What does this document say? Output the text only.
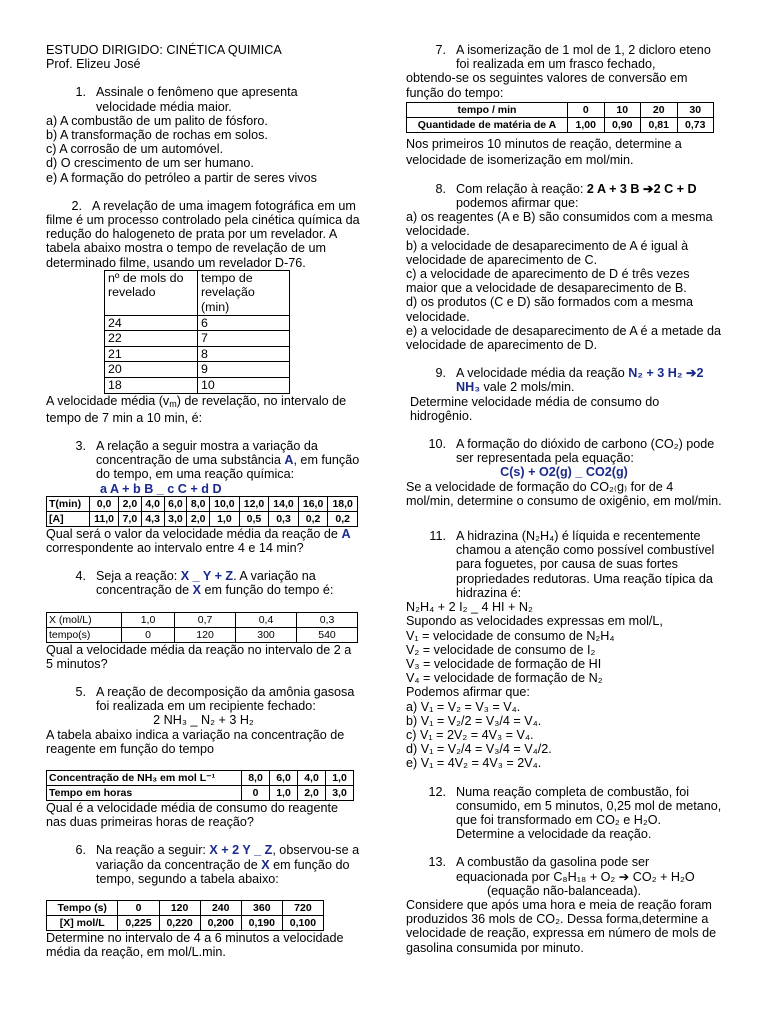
ESTUDO DIRIGIDO: CINÉTICA QUIMICA

Prof. Elizeu José

1. Assinale o fenômeno que apresenta velocidade média maior.

a) A combustão de um palito de fósforo.

b) A transformação de rochas em solos.

c) A corrosão de um automóvel.

d) O crescimento de um ser humano.

e) A formação do petróleo a partir de seres vivos

2. A revelação de uma imagem fotográfica em um filme é um processo controlado pela cinética química da redução do halogeneto de prata por um revelador. A tabela abaixo mostra o tempo de revelação de um determinado filme, usando um revelador D-76.

nº de mols do revelado	tempo de revelação (min)
24	6
22	7
21	8
20	9
18	10

A velocidade média $(v_m)$ de revelação, no intervalo de tempo de 7 min a 10 min, é:

3. A relação a seguir mostra a variação da concentração de uma substância A, em função do tempo, em uma reação química:

a A + b B _ c C + d D

T(min)	0,0	2,0	4,0	6,0	8,0	10,0	12,0	14,0	16,0	18,0
[A]	11,0	7,0	4,3	3,0	2,0	1,0	0,5	0,3	0,2	0,2

Qual será o valor da velocidade média da reação de A correspondente ao intervalo entre 4 e 14 min?

4. Seja a reação: X _ Y + Z. A variação na concentração de X em função do tempo é:
X (mol/L)	1,0	0,7	0,4	0,3
tempo(s)	0	120	300	540

Qual a velocidade média da reação no intervalo de 2 a 5 minutos?

5. A reação de decomposição da amônia gasosa foi realizada em um recipiente fechado:

2 NH₃ _ N₂ + 3 H₂

A tabela abaixo indica a variação na concentração de reagente em função do tempo

Concentração de NH₃ em mol L⁻¹	8,0	6,0	4,0	1,0
Tempo em horas	0	1,0	2,0	3,0

Qual é a velocidade média de consumo do reagente nas duas primeiras horas de reação?

6. Na reação a seguir: X + 2 Y _ Z, observou-se a variação da concentração de X em função do tempo, segundo a tabela abaixo:
Tempo (s)	0	120	240	360	720
[X] mol/L	0,225	0,220	0,200	0,190	0,100

Determine no intervalo de 4 a 6 minutos a velocidade média da reação, em mol/L.min.

7. A isomerização de 1 mol de 1, 2 dicloro eteno foi realizada em um frasco fechado,

obtendo-se os seguintes valores de conversão em função do tempo:

tempo / min	0	10	20	30
Quantidade de matéria de A	1,00	0,90	0,81	0,73

Nos primeiros 10 minutos de reação, determine a velocidade de isomerização em mol/min.

8. Com relação à reação: 2 A + 3 B ➔2 C + D
podemos afirmar que:

a) os reagentes (A e B) são consumidos com a mesma velocidade.

b) a velocidade de desaparecimento de A é igual à velocidade de aparecimento de C.

c) a velocidade de aparecimento de D é três vezes maior que a velocidade de desaparecimento de B.

d) os produtos (C e D) são formados com a mesma velocidade.

e) a velocidade de desaparecimento de A é a metade da velocidade de aparecimento de D.

9. A velocidade média da reação N₂ + 3 H₂ ➔2 NH₃ vale 2 mols/min.

Determine velocidade média de consumo do hidrogênio.

10. A formação do dióxido de carbono (CO₂) pode ser representada pela equação:

C(s) + O2(g) _ CO2(g)

Se a velocidade de formação do CO₂₍g₎ for de 4 mol/min, determine o consumo de oxigênio, em mol/min.

11. A hidrazina (N₂H₄) é líquida e recentemente chamou a atenção como possível combustível para foguetes, por causa de suas fortes propriedades redutoras. Uma reação típica da hidrazina é:

N₂H₄ + 2 I₂ _ 4 HI + N₂

Supondo as velocidades expressas em mol/L,

V₁ = velocidade de consumo de N₂H₄

V₂ = velocidade de consumo de I₂

V₃ = velocidade de formação de HI

V₄ = velocidade de formação de N₂

Podemos afirmar que:

a) V₁ = V₂ = V₃ = V₄.

b) V₁ = V₂/2 = V₃/4 = V₄.

c) V₁ = 2V₂ = 4V₃ = V₄.

d) V₁ = V₂/4 = V₃/4 = V₄/2.

e) V₁ = 4V₂ = 4V₃ = 2V₄.

12. Numa reação completa de combustão, foi consumido, em 5 minutos, 0,25 mol de metano, que foi transformado em CO₂ e H₂O. Determine a velocidade da reação.
13. A combustão da gasolina pode ser equacionada por C₈H₁₈ + O₂ ➔ CO₂ + H₂O

(equação não-balanceada).

Considere que após uma hora e meia de reação foram produzidos 36 mols de CO₂. Dessa forma,determine a velocidade de reação, expressa em número de mols de gasolina consumida por minuto.
